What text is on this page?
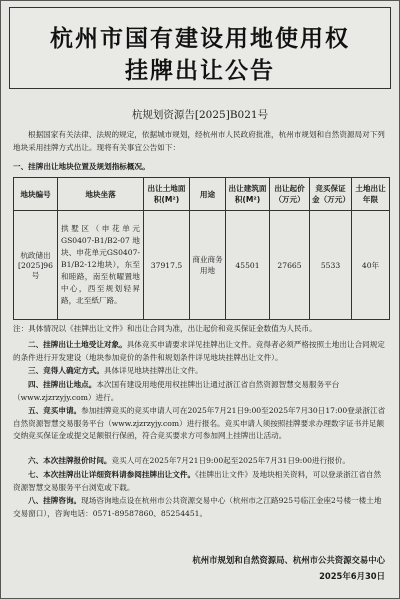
杭州市国有建设用地使用权
挂牌出让公告
杭规划资源告[2025]B021号
根据国家有关法律、法规的规定，依据城市规划，经杭州市人民政府批准，杭州市规划和自然资源局对下列地块采用挂牌方式出让。现将有关事宜公告如下：
一、挂牌出让地块位置及规划指标概况。
地块编号	地块坐落	出让土地面积(M²)	用途	出让建筑面积(M²)	出让起价（万元）	竞买保证金（万元）	土地出让年限
杭政储出[2025]96号	拱墅区（申花单元GS0407-B1/B2-07地块、申花单元GS0407-B1/B2-12地块），东至和睦路，南至杭曜置地中心，西至规划轻昇路，北至紙厂路。	37917.5	商业商务用地	45501	27665	5533	40年
注：具体情况以《挂牌出让文件》和出让合同为准，出让起价和竞买保证金数值为人民币。
二、挂牌出让土地受让对象。具体竞买申请要求详见挂牌出让文件。竞得者必须严格按照土地出让合同规定的条件进行开发建设（地块参加竞价的条件和规划条件详见地块挂牌出让文件）。
三、竞得人确定方式。具体详见地块挂牌出让文件。
四、挂牌出让地点。本次国有建设用地使用权挂牌出让通过浙江省自然资源智慧交易服务平台（www.zjzrzyjy.com）进行。
五、竞买申请。参加挂牌竞买的竞买申请人可在2025年7月21日9:00至2025年7月30日17:00登录浙江省自然资源智慧交易服务平台（www.zjzrzyjy.com）进行报名。竞买申请人须按照挂牌要求办理数字证书并足额交纳竞买保证金或提交足额银行保函，符合竞买要求方可参加网上挂牌出让活动。
六、本次挂牌报价时间。竞买人可在2025年7月21日9:00起至2025年7月31日9:00进行报价。
七、本次挂牌出让详细资料请参阅挂牌出让文件。《挂牌出让文件》及地块相关资料，可以登录浙江省自然资源智慧交易服务平台浏览或下载。
八、挂牌咨询。现场咨询地点设在杭州市公共资源交易中心（杭州市之江路925号临江金座2号楼一楼土地交易窗口），咨询电话：0571-89587860、85254451。
杭州市规划和自然资源局、杭州市公共资源交易中心
2025年6月30日
